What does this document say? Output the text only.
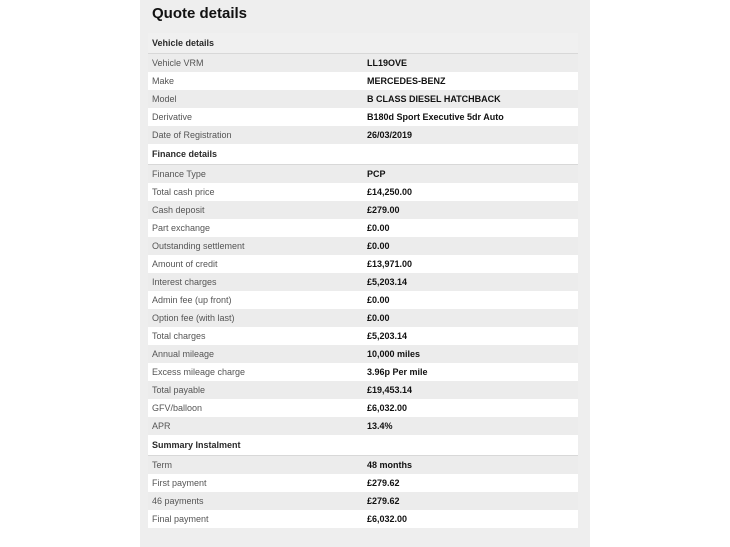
Quote details
Vehicle details
Vehicle VRM	LL19OVE
Make	MERCEDES-BENZ
Model	B CLASS DIESEL HATCHBACK
Derivative	B180d Sport Executive 5dr Auto
Date of Registration	26/03/2019
Finance details
Finance Type	PCP
Total cash price	£14,250.00
Cash deposit	£279.00
Part exchange	£0.00
Outstanding settlement	£0.00
Amount of credit	£13,971.00
Interest charges	£5,203.14
Admin fee (up front)	£0.00
Option fee (with last)	£0.00
Total charges	£5,203.14
Annual mileage	10,000 miles
Excess mileage charge	3.96p Per mile
Total payable	£19,453.14
GFV/balloon	£6,032.00
APR	13.4%
Summary Instalment
Term	48 months
First payment	£279.62
46 payments	£279.62
Final payment	£6,032.00
